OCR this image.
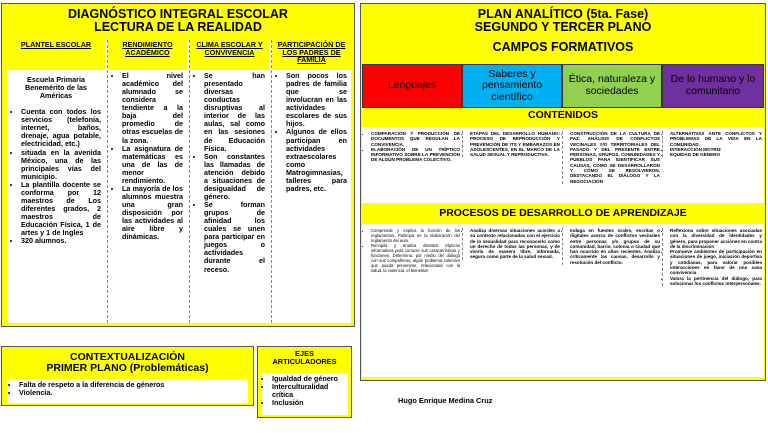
DIAGNÓSTICO INTEGRAL ESCOLAR
LECTURA DE LA REALIDAD
PLANTEL ESCOLAR
Escuela Primaria Benemérito de las Américas
• Cuenta con todos los servicios (telefonía, internet, baños, drenaje, agua potable, electricidad, etc.)
• situada en la avenida México, una de las principales vías del municipio.
• La plantilla docente se conforma por 12 maestros de Los diferentes grados, 2 maestros de Educación Física, 1 de artes y 1 de Ingles
• 320 alumnos.
RENDIMIENTO ACADÉMICO
• El nivel académico del alumnado se considera tendiente a la baja del promedio de otras escuelas de la zona.
• La asignatura de matemáticas es una de las de menor rendimiento.
• La mayoría de los alumnos muestra una gran disposición por las actividades al aire libre y dinámicas.
CLIMA ESCOLAR Y CONVIVENCIA
• Se han presentado diversas conductas disruptivas al interior de las aulas, sal como en las sesiones de Educación Física.
• Son constantes las llamadas de atención debido a situaciones de desigualdad de género.
• Se forman grupos de afinidad los cuales se unen para participar en juegos o actividades durante el receso.
PARTICIPACIÓN DE LOS PADRES DE FAMILIA
• Son pocos los padres de familia que se involucran en las actividades escolares de sus hijos.
• Algunos de ellos participan en actividades extraescolares como Matrogimnasias, talleres para padres, etc.
CONTEXTUALIZACIÓN
PRIMER PLANO (Problemáticas)
• Falta de respeto a la diferencia de géneros
• Violencia.
EJES ARTICULADORES
• Igualdad de género
• Interculturalidad crítica
• Inclusión	Hugo Enrique Medina Cruz
PLAN ANALÍTICO (5ta. Fase)
SEGUNDO Y TERCER PLANO
CAMPOS FORMATIVOS
Lenguajes
Saberes y pensamiento científico
Ética, naturaleza y sociedades
De lo humano y lo comunitario
CONTENIDOS
• COMPARACIÓN Y PRODUCCIÓN DE DOCUMENTOS QUE REGULAN LA CONVIVENCIA.
• ELABORACIÓN DE UN TRÍPTICO INFORMATIVO SOBRE LA PREVENCIÓN DE ALGÚN PROBLEMA COLECTIVO.
• ETAPAS DEL DESARROLLO HUMANO: PROCESO DE REPRODUCCIÓN Y PREVENCIÓN DE ITS Y EMBARAZOS EN ADOLESCENTES, EN EL MARCO DE LA SALUD SEXUAL Y REPRODUCTIVA.
• CONSTRUCCIÓN DE LA CULTURA DE PAZ: ANÁLISIS DE CONFLICTOS VECINALES Y/O TERRITORIALES DEL PASADO Y DEL PRESENTE ENTRE PERSONAS, GRUPOS, COMUNIDADES Y PUEBLOS PARA IDENTIFICAR SUS CAUSAS, CÓMO SE DESARROLLARON Y CÓMO SE RESOLVIERON. DESTACANDO EL DIÁLOGO Y LA NEGOCIACIÓN
• ALTERNATIVAS ANTE CONFLICTOS Y PROBLEMAS DE LA VIDA EN LA COMUNIDAD.
• INTERACCIÓN MOTRIZ
• EQUIDAD DE GÉNERO
PROCESOS DE DESARROLLO DE APRENDIZAJE
• Comprende y explica la función de los reglamentos. Participa en la elaboración del reglamento del aula.
• Recopila y analiza distintos trípticos informativos para conocer sus características y funciones. Determina, por medio del diálogo con sus compañeros, algún problema colectivo que pueda prevenirse, relacionado con la salud, la violencia, el bienestar
• Analiza diversas situaciones acordes a su contexto relacionadas con el ejercicio de la sexualidad para reconocerlo como un derecho de todas las personas, y de vivirla de manera libre, informada, segura como parte de la salud sexual.
• Indaga en fuentes orales, escritas o digitales acerca de conflictos vecinales entre personas y/o grupos de su comunidad, barrio, colonia o ciudad que han ocurrido en años recientes. Analiza críticamente las causas, desarrollo y resolución del conflicto.
• Reflexiona sobre situaciones asociadas con la diversidad de identidades y género, para proponer acciones en contra de la discriminación
• Promueve ambientes de participación en situaciones de juego, iniciación deportiva y cotidianas, para valorar posibles interacciones en favor de una sana convivencia
• Valora la pertinencia del diálogo, para solucionar los conflictos interpersonales.
